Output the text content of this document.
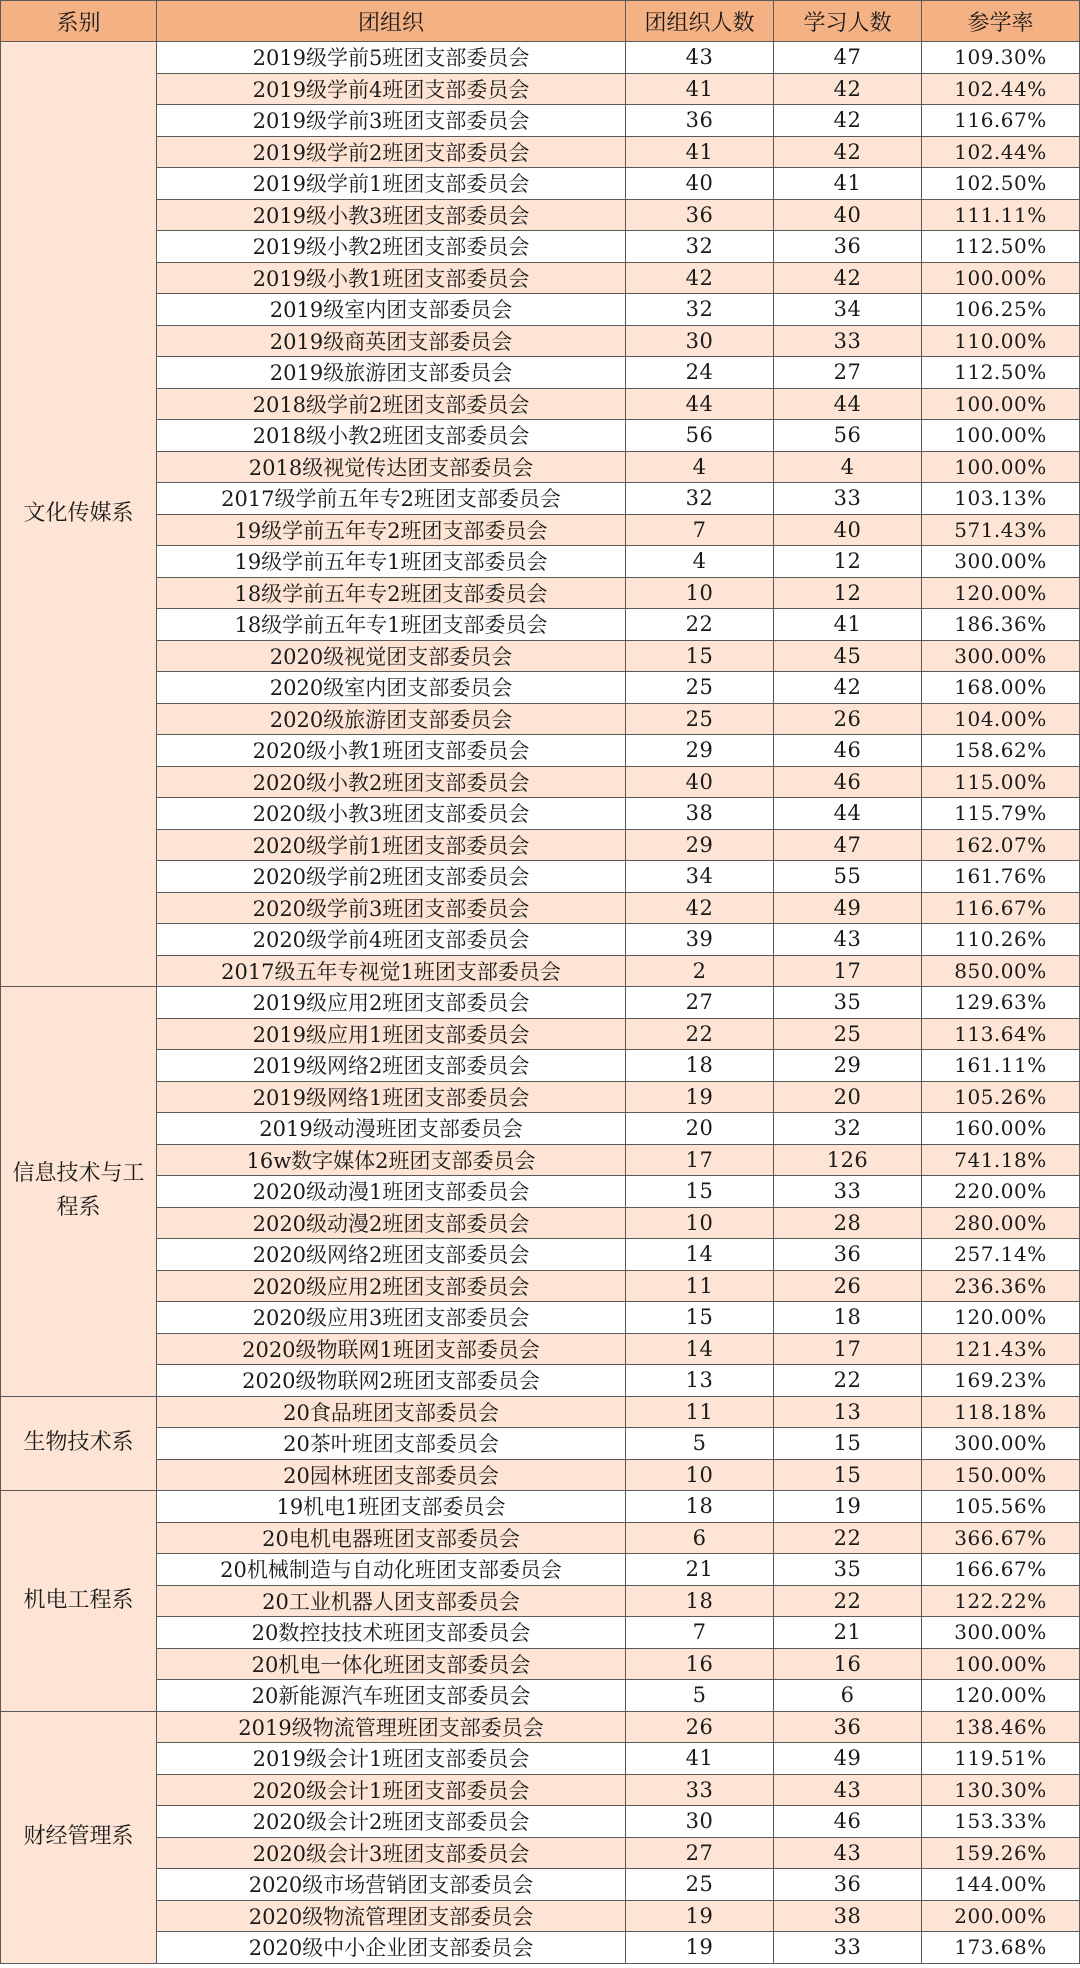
系别	团组织	团组织人数	学习人数	参学率
文化传媒系	2019级学前5班团支部委员会	43	47	109.30%
	2019级学前4班团支部委员会	41	42	102.44%
	2019级学前3班团支部委员会	36	42	116.67%
	2019级学前2班团支部委员会	41	42	102.44%
	2019级学前1班团支部委员会	40	41	102.50%
	2019级小教3班团支部委员会	36	40	111.11%
	2019级小教2班团支部委员会	32	36	112.50%
	2019级小教1班团支部委员会	42	42	100.00%
	2019级室内团支部委员会	32	34	106.25%
	2019级商英团支部委员会	30	33	110.00%
	2019级旅游团支部委员会	24	27	112.50%
	2018级学前2班团支部委员会	44	44	100.00%
	2018级小教2班团支部委员会	56	56	100.00%
	2018级视觉传达团支部委员会	4	4	100.00%
	2017级学前五年专2班团支部委员会	32	33	103.13%
	19级学前五年专2班团支部委员会	7	40	571.43%
	19级学前五年专1班团支部委员会	4	12	300.00%
	18级学前五年专2班团支部委员会	10	12	120.00%
	18级学前五年专1班团支部委员会	22	41	186.36%
	2020级视觉团支部委员会	15	45	300.00%
	2020级室内团支部委员会	25	42	168.00%
	2020级旅游团支部委员会	25	26	104.00%
	2020级小教1班团支部委员会	29	46	158.62%
	2020级小教2班团支部委员会	40	46	115.00%
	2020级小教3班团支部委员会	38	44	115.79%
	2020级学前1班团支部委员会	29	47	162.07%
	2020级学前2班团支部委员会	34	55	161.76%
	2020级学前3班团支部委员会	42	49	116.67%
	2020级学前4班团支部委员会	39	43	110.26%
	2017级五年专视觉1班团支部委员会	2	17	850.00%
信息技术与工程系	2019级应用2班团支部委员会	27	35	129.63%
	2019级应用1班团支部委员会	22	25	113.64%
	2019级网络2班团支部委员会	18	29	161.11%
	2019级网络1班团支部委员会	19	20	105.26%
	2019级动漫班团支部委员会	20	32	160.00%
	16w数字媒体2班团支部委员会	17	126	741.18%
	2020级动漫1班团支部委员会	15	33	220.00%
	2020级动漫2班团支部委员会	10	28	280.00%
	2020级网络2班团支部委员会	14	36	257.14%
	2020级应用2班团支部委员会	11	26	236.36%
	2020级应用3班团支部委员会	15	18	120.00%
	2020级物联网1班团支部委员会	14	17	121.43%
	2020级物联网2班团支部委员会	13	22	169.23%
生物技术系	20食品班团支部委员会	11	13	118.18%
	20茶叶班团支部委员会	5	15	300.00%
	20园林班团支部委员会	10	15	150.00%
机电工程系	19机电1班团支部委员会	18	19	105.56%
	20电机电器班团支部委员会	6	22	366.67%
	20机械制造与自动化班团支部委员会	21	35	166.67%
	20工业机器人团支部委员会	18	22	122.22%
	20数控技技术班团支部委员会	7	21	300.00%
	20机电一体化班团支部委员会	16	16	100.00%
	20新能源汽车班团支部委员会	5	6	120.00%
财经管理系	2019级物流管理班团支部委员会	26	36	138.46%
	2019级会计1班团支部委员会	41	49	119.51%
	2020级会计1班团支部委员会	33	43	130.30%
	2020级会计2班团支部委员会	30	46	153.33%
	2020级会计3班团支部委员会	27	43	159.26%
	2020级市场营销团支部委员会	25	36	144.00%
	2020级物流管理团支部委员会	19	38	200.00%
	2020级中小企业团支部委员会	19	33	173.68%
